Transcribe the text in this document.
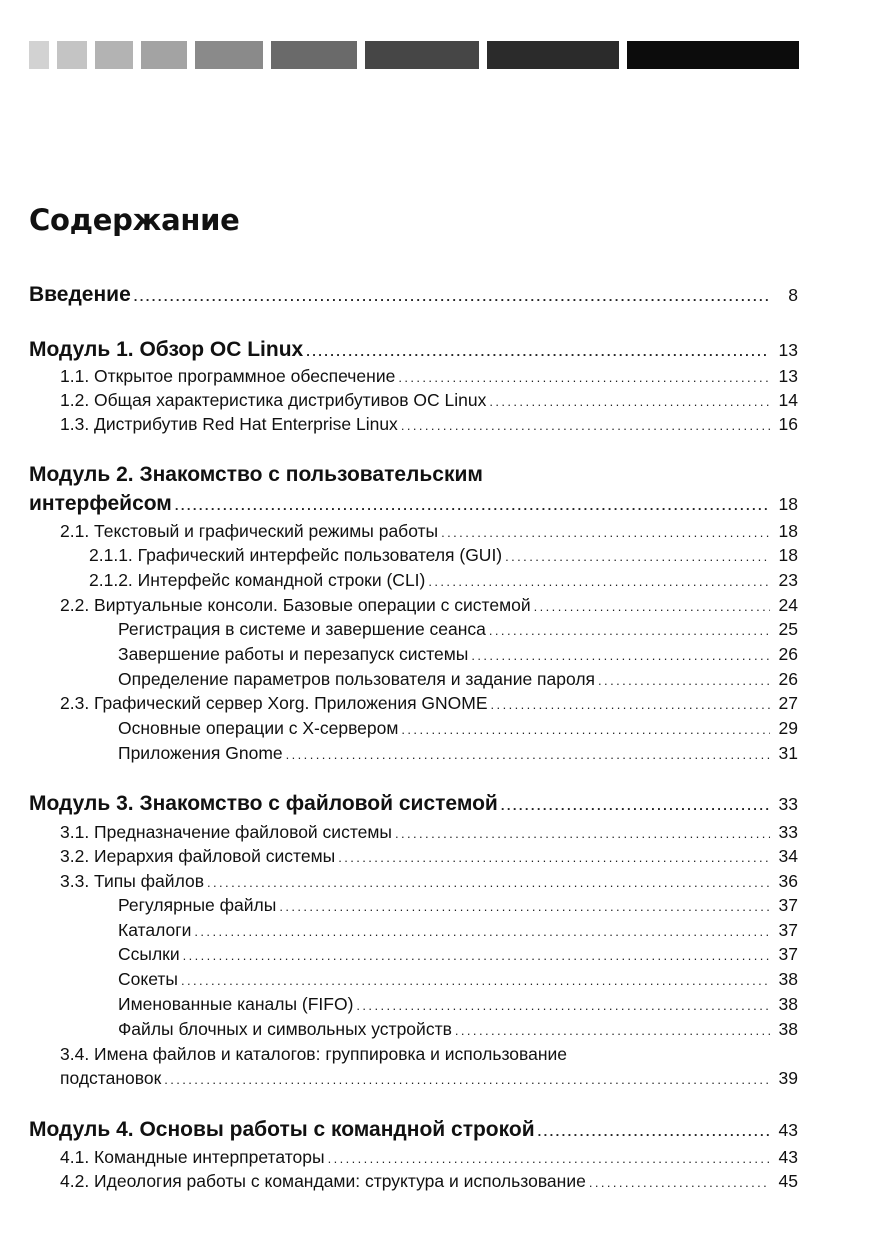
Содержание
Введение .....	8
Модуль 1. Обзор ОС Linux .....	13
1.1. Открытое программное обеспечение .....	13
1.2. Общая характеристика дистрибутивов ОС Linux .....	14
1.3. Дистрибутив Red Hat Enterprise Linux .....	16
Модуль 2. Знакомство с пользовательским
интерфейсом .....	18
2.1. Текстовый и графический режимы работы .....	18
2.1.1. Графический интерфейс пользователя (GUI) .....	18
2.1.2. Интерфейс командной строки (CLI) .....	23
2.2. Виртуальные консоли. Базовые операции с системой .....	24
Регистрация в системе и завершение сеанса .....	25
Завершение работы и перезапуск системы .....	26
Определение параметров пользователя и задание пароля .....	26
2.3. Графический сервер Xorg. Приложения GNOME .....	27
Основные операции с X-сервером .....	29
Приложения Gnome .....	31
Модуль 3. Знакомство с файловой системой .....	33
3.1. Предназначение файловой системы .....	33
3.2. Иерархия файловой системы .....	34
3.3. Типы файлов .....	36
Регулярные файлы .....	37
Каталоги .....	37
Ссылки .....	37
Сокеты .....	38
Именованные каналы (FIFO) .....	38
Файлы блочных и символьных устройств .....	38
3.4. Имена файлов и каталогов: группировка и использование
подстановок .....	39
Модуль 4. Основы работы с командной строкой .....	43
4.1. Командные интерпретаторы .....	43
4.2. Идеология работы с командами: структура и использование .....	45
